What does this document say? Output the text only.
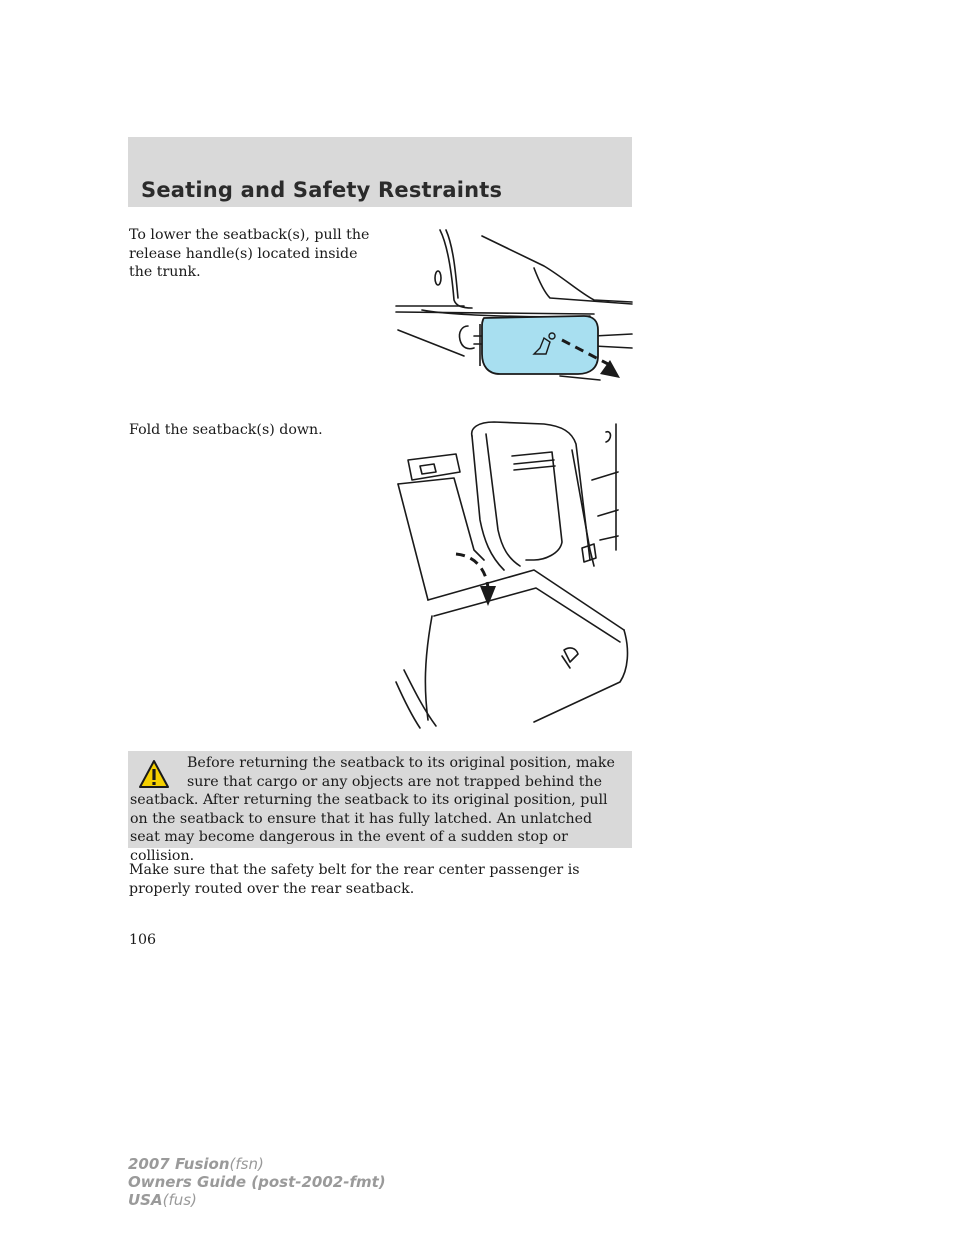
Seating and Safety Restraints
To lower the seatback(s), pull the release handle(s) located inside the trunk.
Fold the seatback(s) down.
Before returning the seatback to its original position, make sure that cargo or any objects are not trapped behind the seatback. After returning the seatback to its original position, pull on the seatback to ensure that it has fully latched. An unlatched seat may become dangerous in the event of a sudden stop or collision.
Make sure that the safety belt for the rear center passenger is properly routed over the rear seatback.
106
2007 Fusion(fsn)
Owners Guide (post-2002-fmt)
USA(fus)
